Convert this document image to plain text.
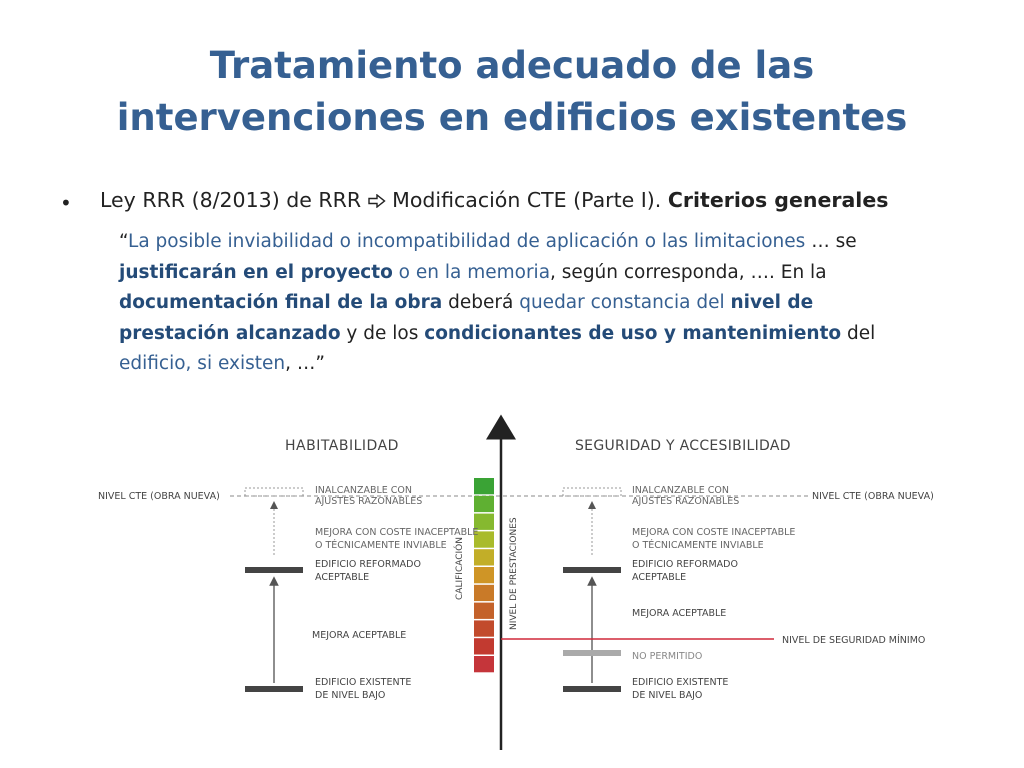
Tratamiento adecuado de las
intervenciones en edificios existentes
• Ley RRR (8/2013) de RRR Modificación CTE (Parte I). Criterios generales
“La posible inviabilidad o incompatibilidad de aplicación o las limitaciones … se
justificarán en el proyecto o en la memoria, según corresponda, …. En la
documentación final de la obra deberá quedar constancia del nivel de
prestación alcanzado y de los condicionantes de uso y mantenimiento del
edificio, si existen, …”
HABITABILIDAD	SEGURIDAD Y ACCESIBILIDAD
NIVEL CTE (OBRA NUEVA)	NIVEL CTE (OBRA NUEVA)
CALIFICACIÓN	NIVEL DE PRESTACIONES
INALCANZABLE CON
AJUSTES RAZONABLES
MEJORA CON COSTE INACEPTABLE
O TÉCNICAMENTE INVIABLE
EDIFICIO REFORMADO
ACEPTABLE
MEJORA ACEPTABLE
EDIFICIO EXISTENTE
DE NIVEL BAJO
INALCANZABLE CON
AJUSTES RAZONABLES
MEJORA CON COSTE INACEPTABLE
O TÉCNICAMENTE INVIABLE
EDIFICIO REFORMADO
ACEPTABLE
MEJORA ACEPTABLE
NIVEL DE SEGURIDAD MÍNIMO
NO PERMITIDO
EDIFICIO EXISTENTE
DE NIVEL BAJO
